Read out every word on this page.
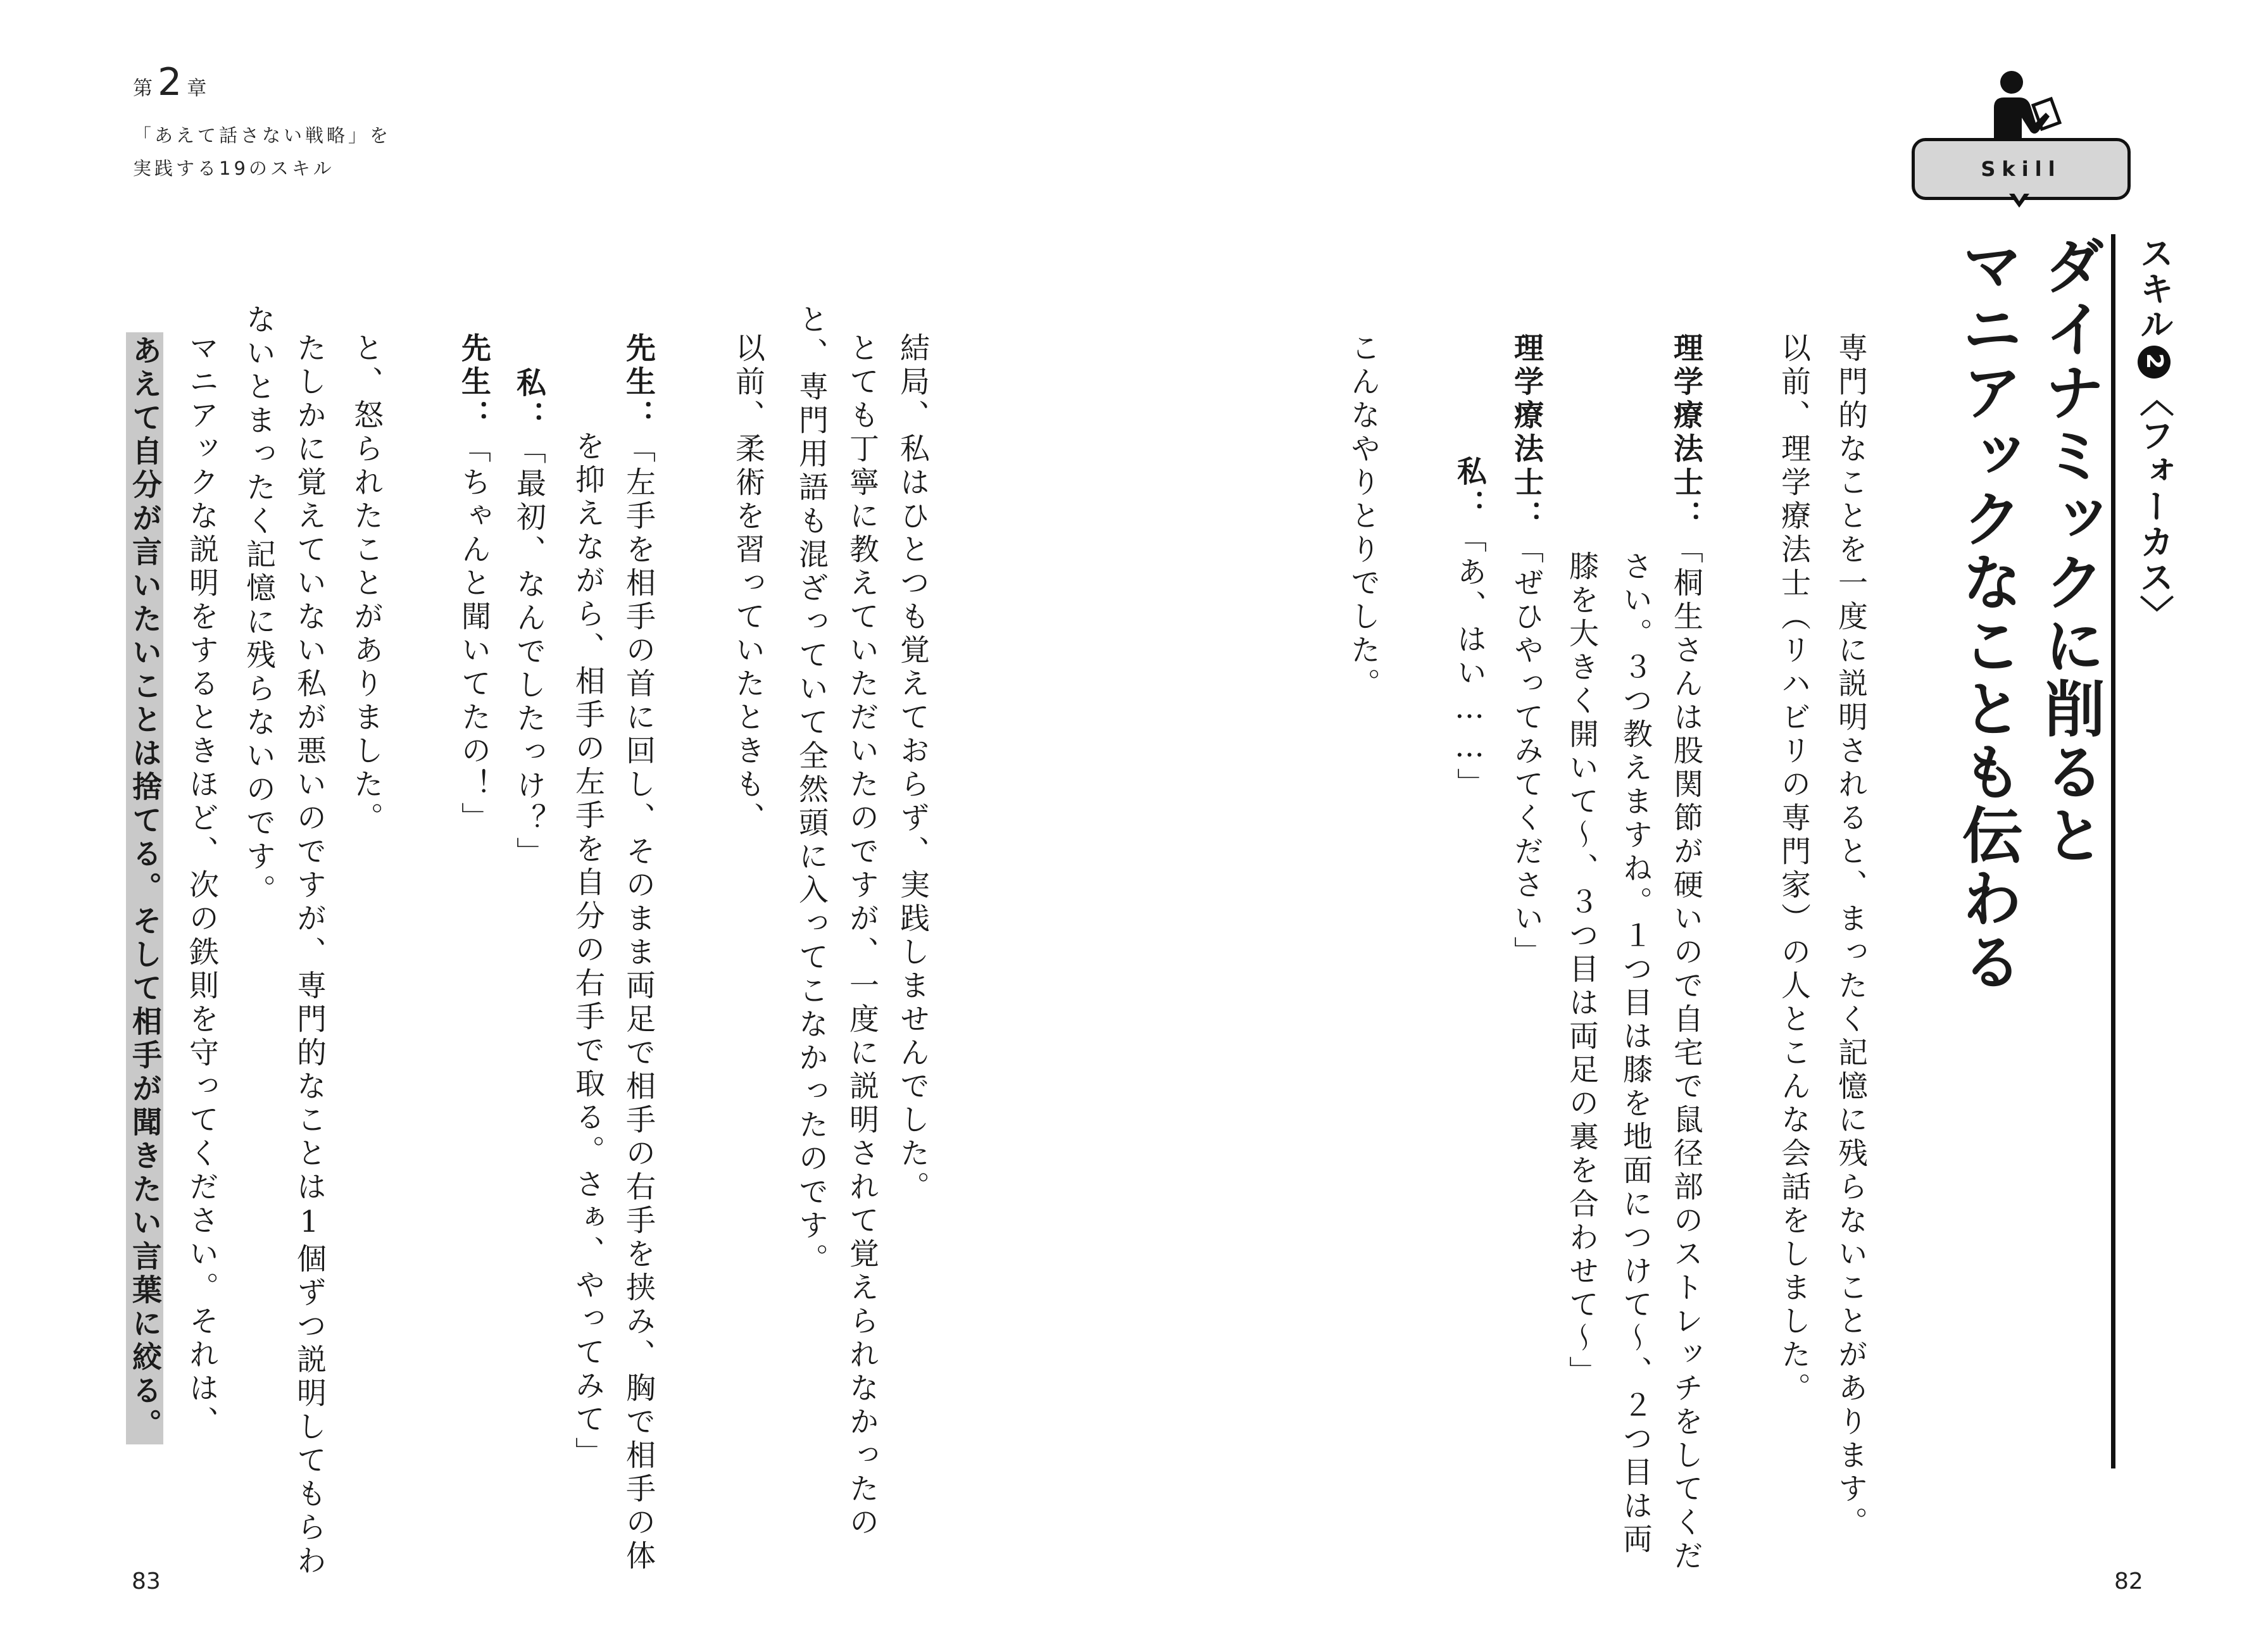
第 2 章
「あえて話さない戦略」を
実践する19のスキル
結局、私はひとつも覚えておらず、実践しませんでした。
とても丁寧に教えていただいたのですが、一度に説明されて覚えられなかったの
と、専門用語も混ざっていて全然頭に入ってこなかったのです。
以前、柔術を習っていたときも、
先生：「左手を相手の首に回し、そのまま両足で相手の右手を挟み、胸で相手の体
を抑えながら、相手の左手を自分の右手で取る。さぁ、やってみて」
私：「最初、なんでしたっけ？」
先生：「ちゃんと聞いてたの！」
と、怒られたことがありました。
たしかに覚えていない私が悪いのですが、専門的なことは1個ずつ説明してもらわ
ないとまったく記憶に残らないのです。
マニアックな説明をするときほど、次の鉄則を守ってください。それは、
あえて自分が言いたいことは捨てる。そして相手が聞きたい言葉に絞る。
83	82
Skill
スキル2〈フォーカス〉
ダイナミックに削ると
マニアックなことも伝わる
専門的なことを一度に説明されると、まったく記憶に残らないことがあります。
以前、理学療法士（リハビリの専門家）の人とこんな会話をしました。
理学療法士：「桐生さんは股関節が硬いので自宅で鼠径部のストレッチをしてくだ
さい。３つ教えますね。１つ目は膝を地面につけて〜、２つ目は両
膝を大きく開いて〜、３つ目は両足の裏を合わせて〜」
理学療法士：「ぜひやってみてください」
私：「あ、はい……」
こんなやりとりでした。
